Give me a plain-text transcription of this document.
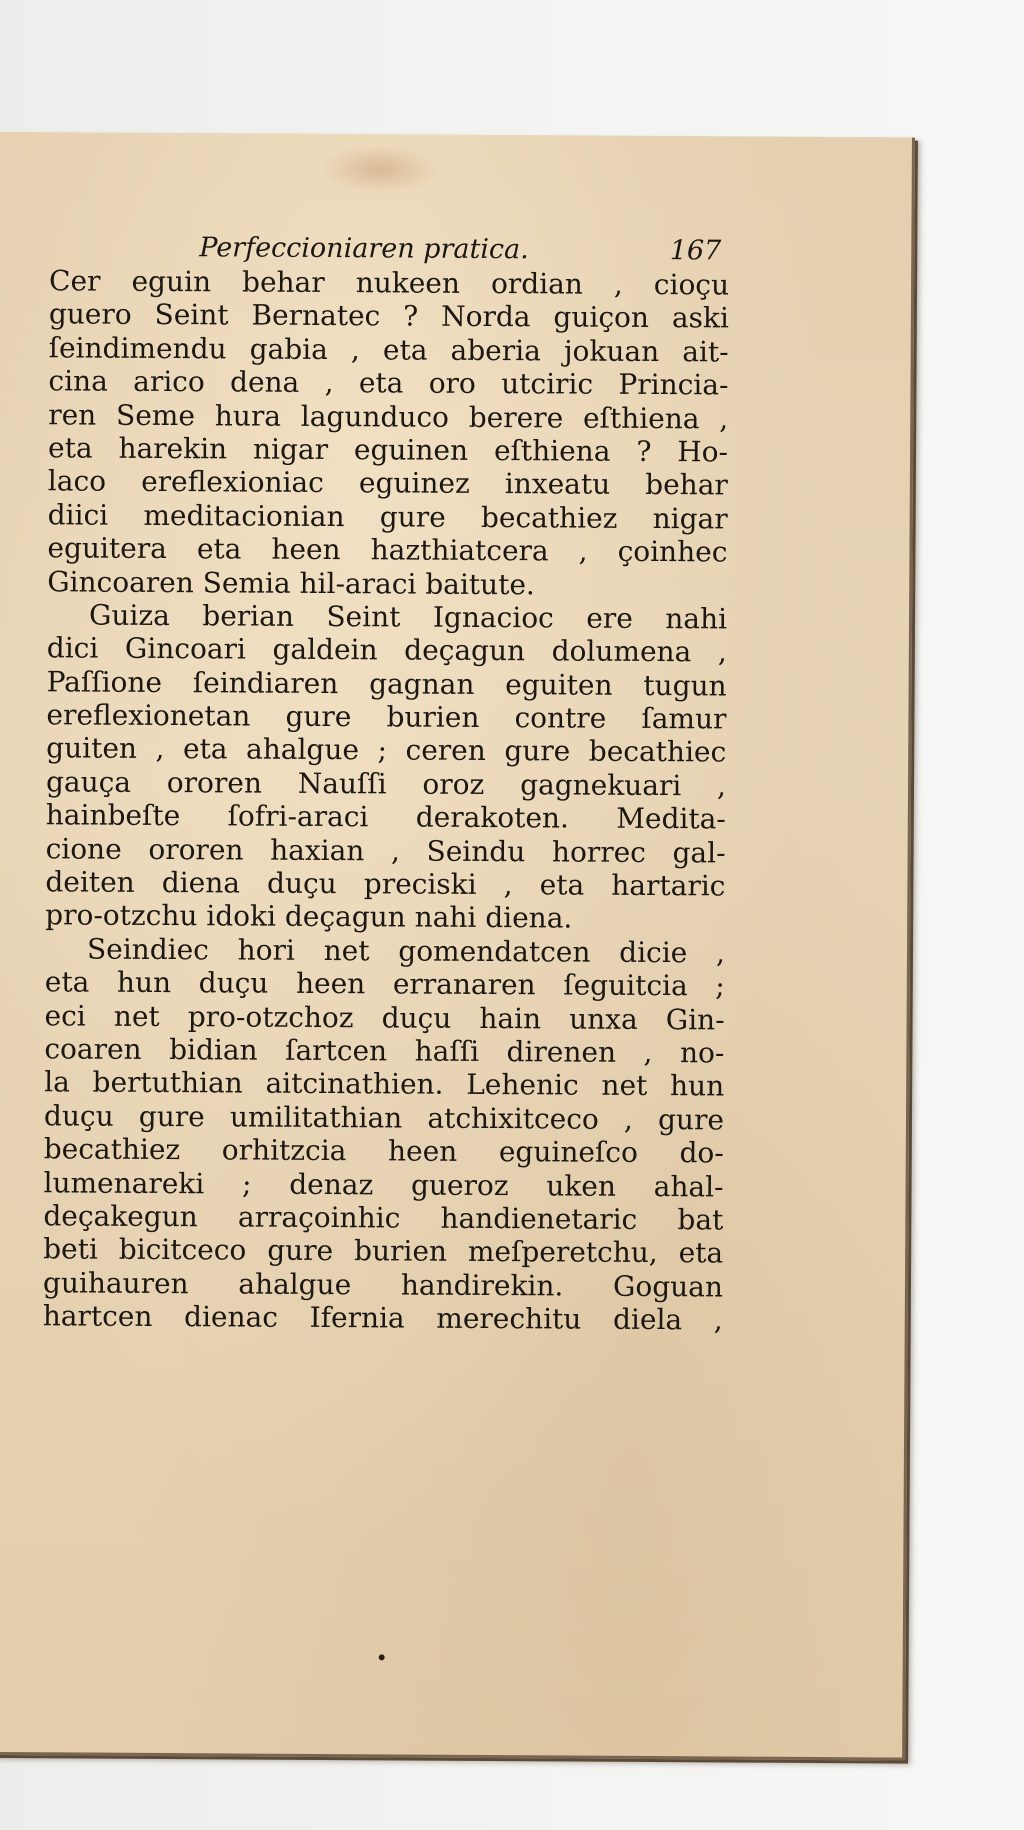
Perfeccioniaren pratica.	167
Cer eguin behar nukeen ordian , cioçu
guero Seint Bernatec ? Norda guiçon aski
ſeindimendu gabia , eta aberia jokuan ait-
cina arico dena , eta oro utciric Princia-
ren Seme hura lagunduco berere eſthiena ,
eta harekin nigar eguinen eſthiena ? Ho-
laco ereflexioniac eguinez inxeatu behar
diici meditacionian gure becathiez nigar
eguitera eta heen hazthiatcera , çoinhec
Gincoaren Semia hil-araci baitute.
Guiza berian Seint Ignacioc ere nahi
dici Gincoari galdein deçagun dolumena ,
Paſſione ſeindiaren gagnan eguiten tugun
ereflexionetan gure burien contre ſamur
guiten , eta ahalgue ; ceren gure becathiec
gauça ororen Nauſſi oroz gagnekuari ,
hainbeſte ſofri-araci derakoten. Medita-
cione ororen haxian , Seindu horrec gal-
deiten diena duçu preciski , eta hartaric
pro-otzchu idoki deçagun nahi diena.
Seindiec hori net gomendatcen dicie ,
eta hun duçu heen erranaren ſeguitcia ;
eci net pro-otzchoz duçu hain unxa Gin-
coaren bidian ſartcen haſſi direnen , no-
la bertuthian aitcinathien. Lehenic net hun
duçu gure umilitathian atchixitceco , gure
becathiez orhitzcia heen eguineſco do-
lumenareki ; denaz gueroz uken ahal-
deçakegun arraçoinhic handienetaric bat
beti bicitceco gure burien meſperetchu, eta
guihauren ahalgue handirekin. Goguan
hartcen dienac Ifernia merechitu diela ,
